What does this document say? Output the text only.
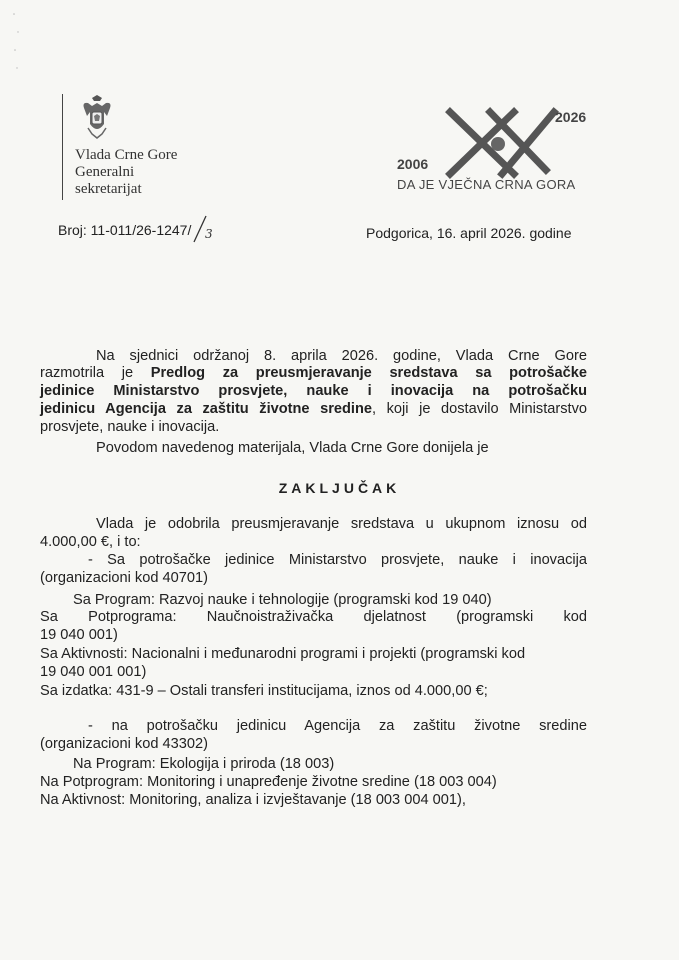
Vlada Crne Gore
Generalni
sekretarijat
2026
2006
DA JE VJEČNA CRNA GORA
Broj: 11-011/26-1247/ 3	Podgorica, 16. april 2026. godine
Na sjednici održanoj 8. aprila 2026. godine, Vlada Crne Gore
razmotrila je Predlog za preusmjeravanje sredstava sa potrošačke
jedinice Ministarstvo prosvjete, nauke i inovacija na potrošačku
jedinicu Agencija za zaštitu životne sredine, koji je dostavilo Ministarstvo
prosvjete, nauke i inovacija.
Povodom navedenog materijala, Vlada Crne Gore donijela je
ZAKLJUČAK
Vlada je odobrila preusmjeravanje sredstava u ukupnom iznosu od
4.000,00 €, i to:
- Sa potrošačke jedinice Ministarstvo prosvjete, nauke i inovacija
(organizacioni kod 40701)
Sa Program: Razvoj nauke i tehnologije (programski kod 19 040)
Sa Potprograma: Naučnoistraživačka djelatnost (programski kod
19 040 001)
Sa Aktivnosti: Nacionalni i međunarodni programi i projekti (programski kod
19 040 001 001)
Sa izdatka: 431-9 – Ostali transferi institucijama, iznos od 4.000,00 €;
- na potrošačku jedinicu Agencija za zaštitu životne sredine
(organizacioni kod 43302)
Na Program: Ekologija i priroda (18 003)
Na Potprogram: Monitoring i unapređenje životne sredine (18 003 004)
Na Aktivnost: Monitoring, analiza i izvještavanje (18 003 004 001),
